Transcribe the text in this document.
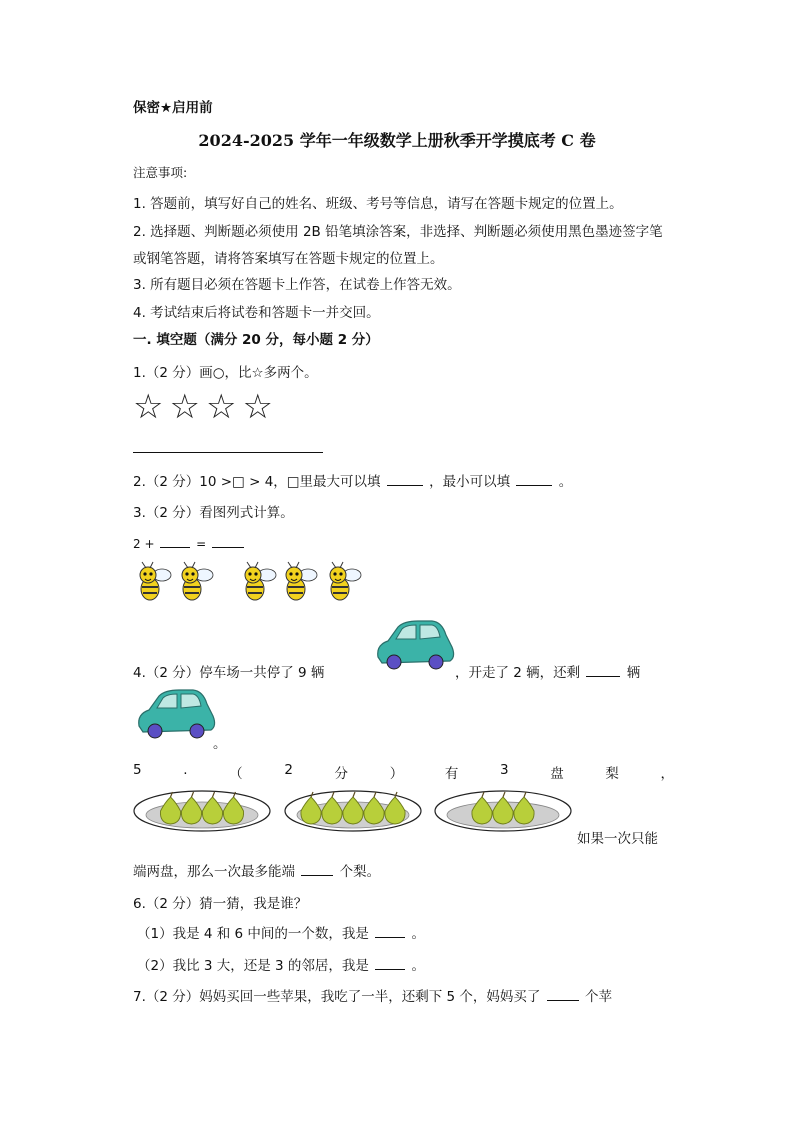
保密★启用前
2024-2025 学年一年级数学上册秋季开学摸底考 C 卷
注意事项:
1. 答题前，填写好自己的姓名、班级、考号等信息，请写在答题卡规定的位置上。
2. 选择题、判断题必须使用 2B 铅笔填涂答案，非选择、判断题必须使用黑色墨迹签字笔
或钢笔答题，请将答案填写在答题卡规定的位置上。
3. 所有题目必须在答题卡上作答，在试卷上作答无效。
4. 考试结束后将试卷和答题卡一并交回。
一. 填空题（满分 20 分，每小题 2 分）
1.（2 分）画○，比☆多两个。
☆ ☆ ☆ ☆
2.（2 分）10 >□ > 4，□里最大可以填	，最小可以填	。
3.（2 分）看图列式计算。
2 +	=
4.（2 分）停车场一共停了 9 辆	，开走了 2 辆，还剩	辆
。
5	.	（	2	分	）	有	3	盘	梨	，
如果一次只能
端两盘，那么一次最多能端	个梨。
6.（2 分）猜一猜，我是谁？
（1）我是 4 和 6 中间的一个数，我是	。
（2）我比 3 大，还是 3 的邻居，我是	。
7.（2 分）妈妈买回一些苹果，我吃了一半，还剩下 5 个，妈妈买了	个苹
